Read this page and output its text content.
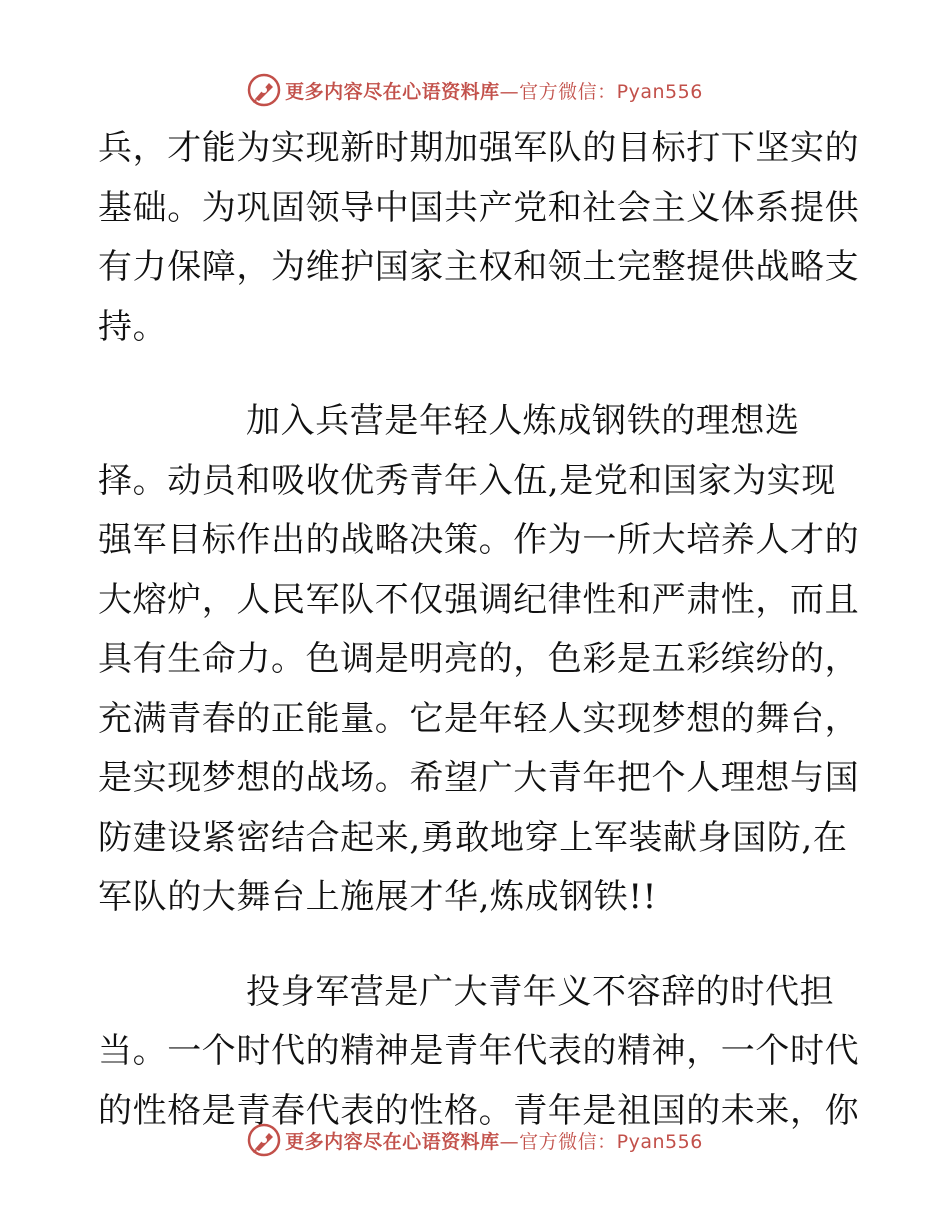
更多内容尽在心语资料库—官方微信：Pyan556
兵，才能为实现新时期加强军队的目标打下坚实的
基础。为巩固领导中国共产党和社会主义体系提供
有力保障，为维护国家主权和领土完整提供战略支
持。
加入兵营是年轻人炼成钢铁的理想选
择。动员和吸收优秀青年入伍,是党和国家为实现
强军目标作出的战略决策。作为一所大培养人才的
大熔炉，人民军队不仅强调纪律性和严肃性，而且
具有生命力。色调是明亮的，色彩是五彩缤纷的，
充满青春的正能量。它是年轻人实现梦想的舞台，
是实现梦想的战场。希望广大青年把个人理想与国
防建设紧密结合起来,勇敢地穿上军装献身国防,在
军队的大舞台上施展才华,炼成钢铁!!
投身军营是广大青年义不容辞的时代担
当。一个时代的精神是青年代表的精神，一个时代
的性格是青春代表的性格。青年是祖国的未来，你
更多内容尽在心语资料库—官方微信：Pyan556
